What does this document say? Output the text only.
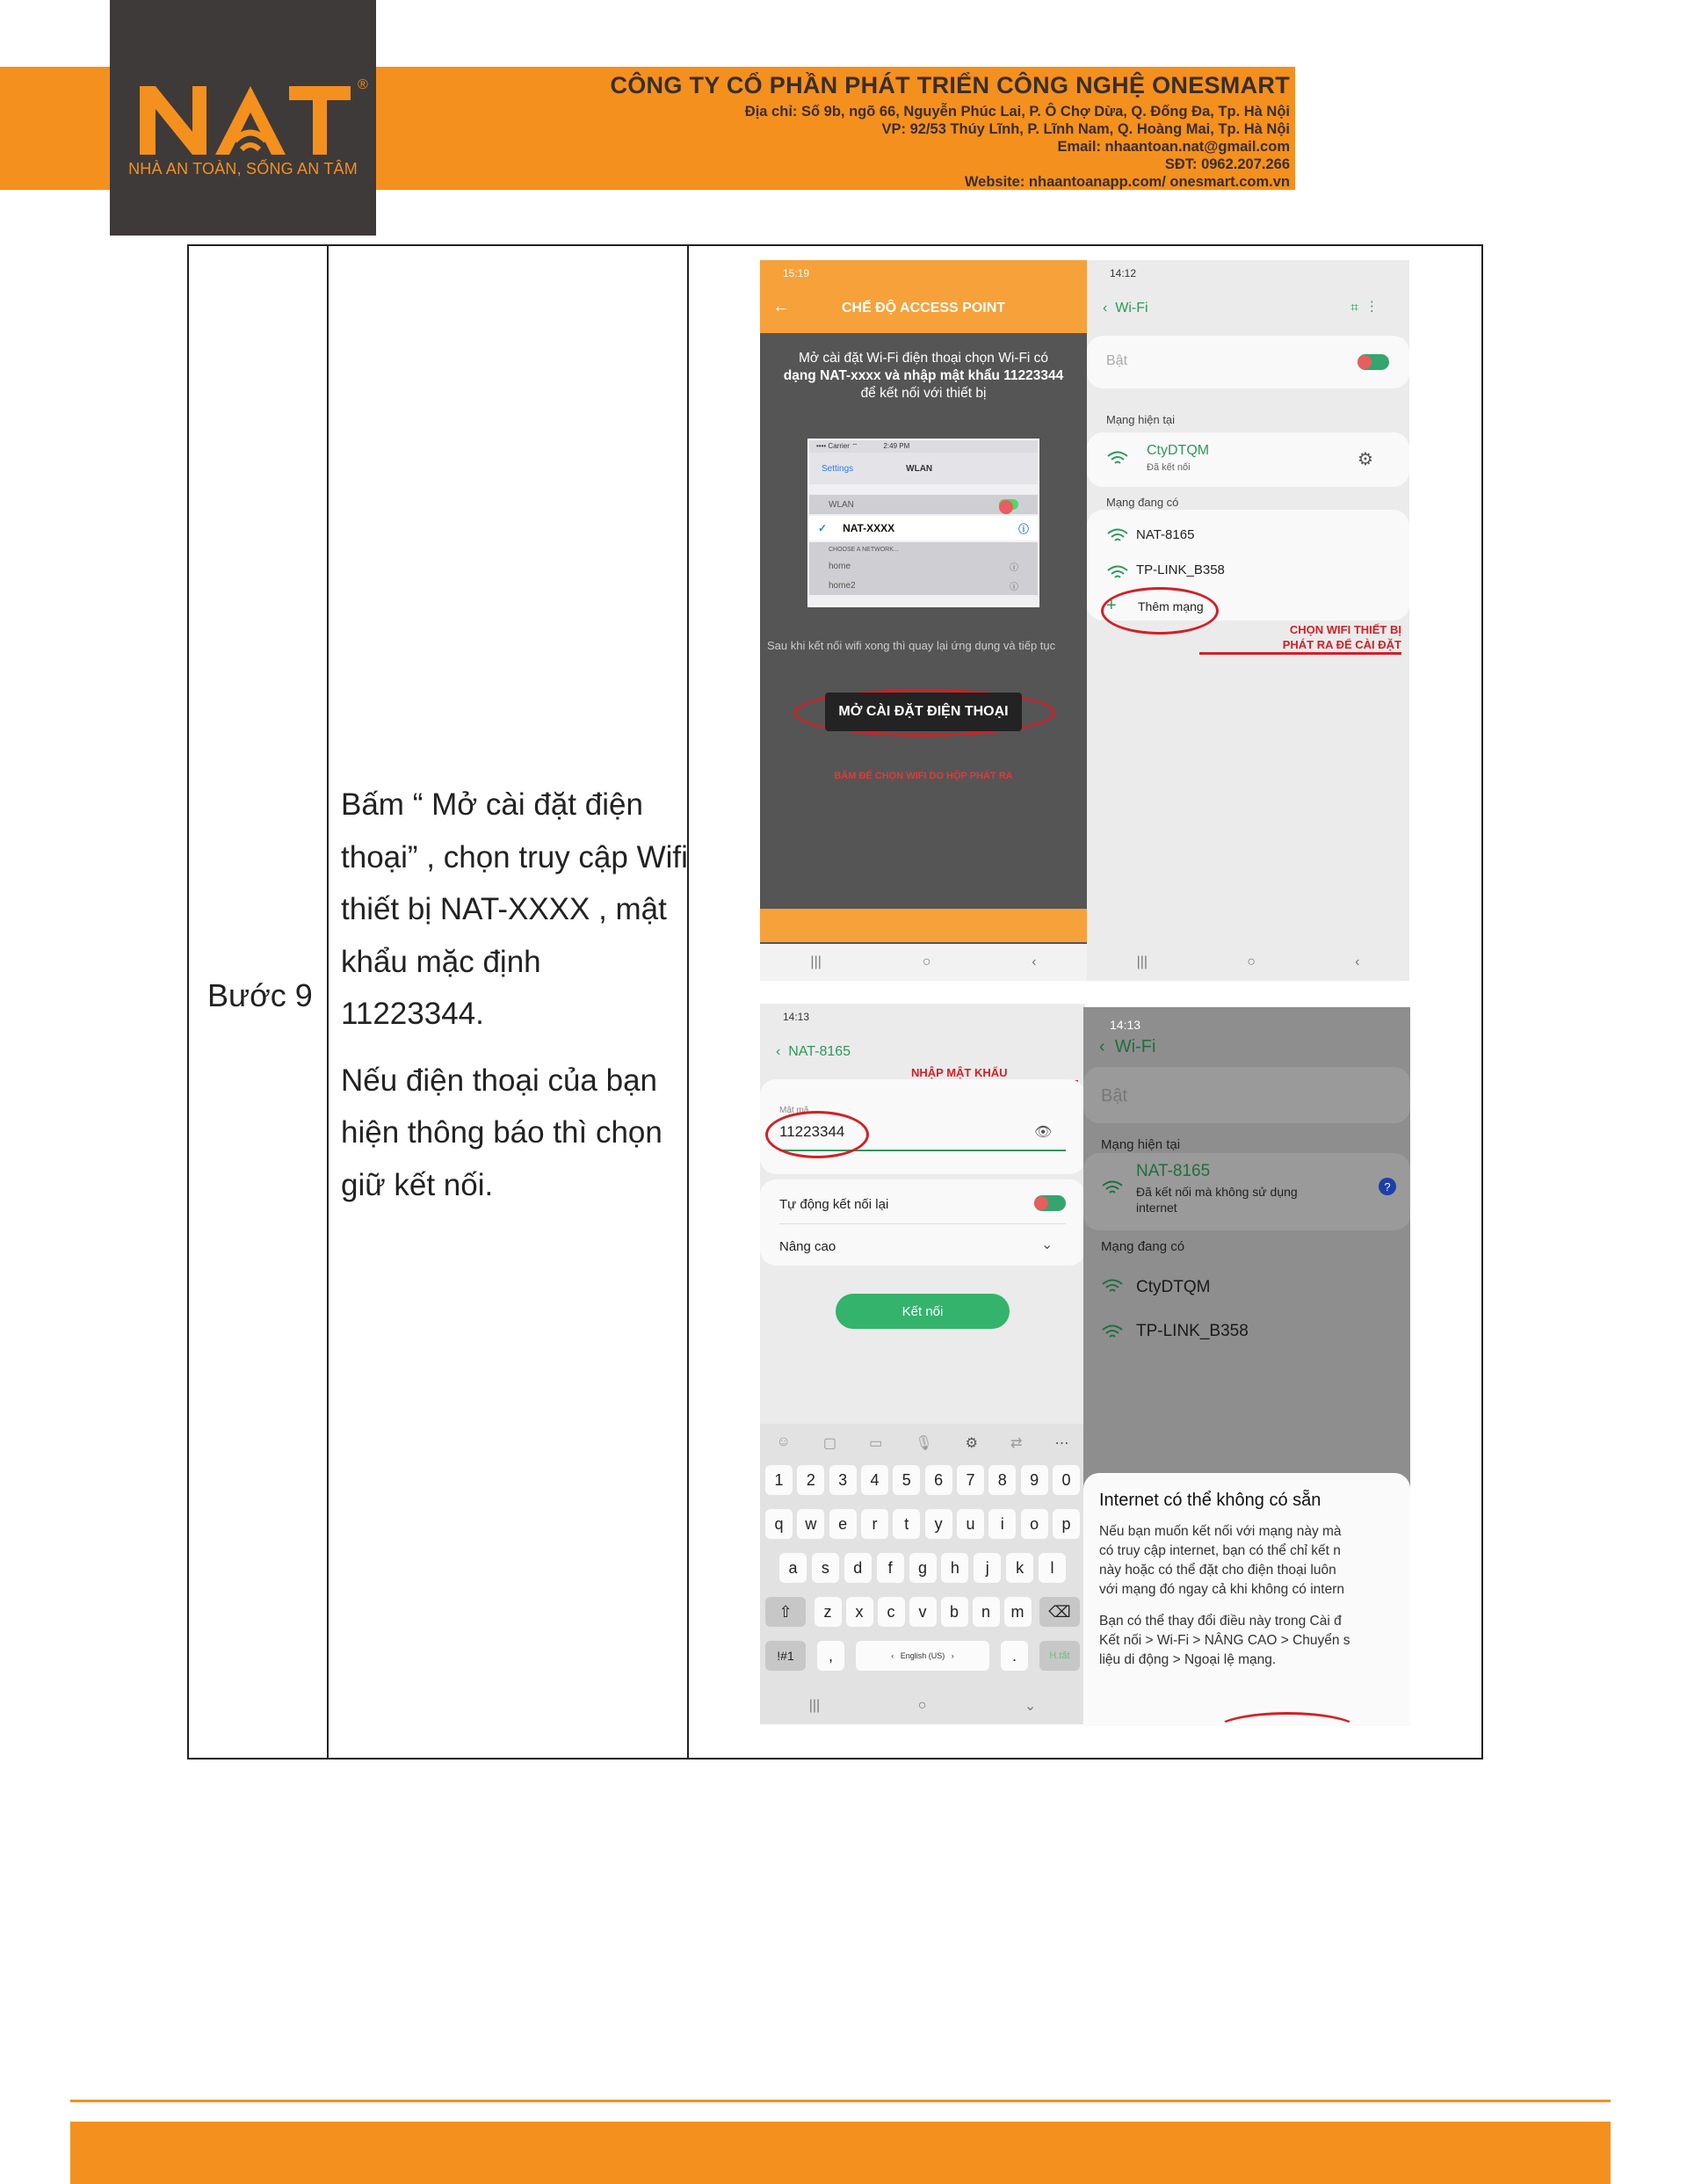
®
NHÀ AN TOÀN, SỐNG AN TÂM
CÔNG TY CỔ PHẦN PHÁT TRIỂN CÔNG NGHỆ ONESMART
Địa chỉ: Số 9b, ngõ 66, Nguyễn Phúc Lai, P. Ô Chợ Dừa, Q. Đống Đa, Tp. Hà Nội
VP: 92/53 Thúy Lĩnh, P. Lĩnh Nam, Q. Hoàng Mai, Tp. Hà Nội
Email: nhaantoan.nat@gmail.com
SĐT: 0962.207.266
Website: nhaantoanapp.com/ onesmart.com.vn
Bước 9

Bấm “ Mở cài đặt điện thoại” , chọn truy cập Wifi thiết bị NAT-XXXX , mật khẩu mặc định 11223344.

Nếu điện thoại của bạn hiện thông báo thì chọn giữ kết nối.

15:19
←	CHẾ ĐỘ ACCESS POINT
Mở cài đặt Wi-Fi điện thoại chọn Wi-Fi có
dạng NAT-xxxx và nhập mật khẩu 11223344
để kết nối với thiết bị
•••• Carrier ⌔             2:49 PM
Settings	WLAN
WLAN
✓ NAT-XXXX	ⓘ
CHOOSE A NETWORK...
home	ⓘ
home2	ⓘ
Sau khi kết nối wifi xong thì quay lại ứng dụng và tiếp tục
MỞ CÀI ĐẶT ĐIỆN THOẠI
BẤM ĐỂ CHỌN WIFI DO HỘP PHÁT RA
|||	○	‹
14:12
‹ Wi-Fi	⌗ ⋮
Bật
Mạng hiện tại
CtyDTQM
Đã kết nối	⚙
Mạng đang có
NAT-8165
TP-LINK_B358
+ Thêm mạng
CHỌN WIFI THIẾT BỊ
PHÁT RA ĐỂ CÀI ĐẶT
|||	○	‹
14:13
‹ NAT-8165
NHẬP MẬT KHẨU
Mật mã
11223344	👁
Tự động kết nối lại
Nâng cao	⌄
Kết nối
☺ ▢ ▭ 🎙 ⚙ ⇄ ⋯
1	2	3	4	5	6	7	8	9	0
q	w	e	r	t	y	u	i	o	p
a	s	d	f	g	h	j	k	l
⇧	z	x	c	v	b	n	m	⌫
!#1	,	‹ English (US) ›	.	H.tất
|||	○	⌄
14:13
‹ Wi-Fi
Bật
Mạng hiện tại
NAT-8165
Đã kết nối mà không sử dụng
internet
?
Mạng đang có
CtyDTQM
TP-LINK_B358
Internet có thể không có sẵn
Nếu bạn muốn kết nối với mạng này mà
có truy cập internet, bạn có thể chỉ kết n
này hoặc có thể đặt cho điện thoại luôn
với mạng đó ngay cả khi không có intern
Bạn có thể thay đổi điều này trong Cài đ
Kết nối > Wi-Fi > NÂNG CAO > Chuyển s
liệu di động > Ngoại lệ mạng.
